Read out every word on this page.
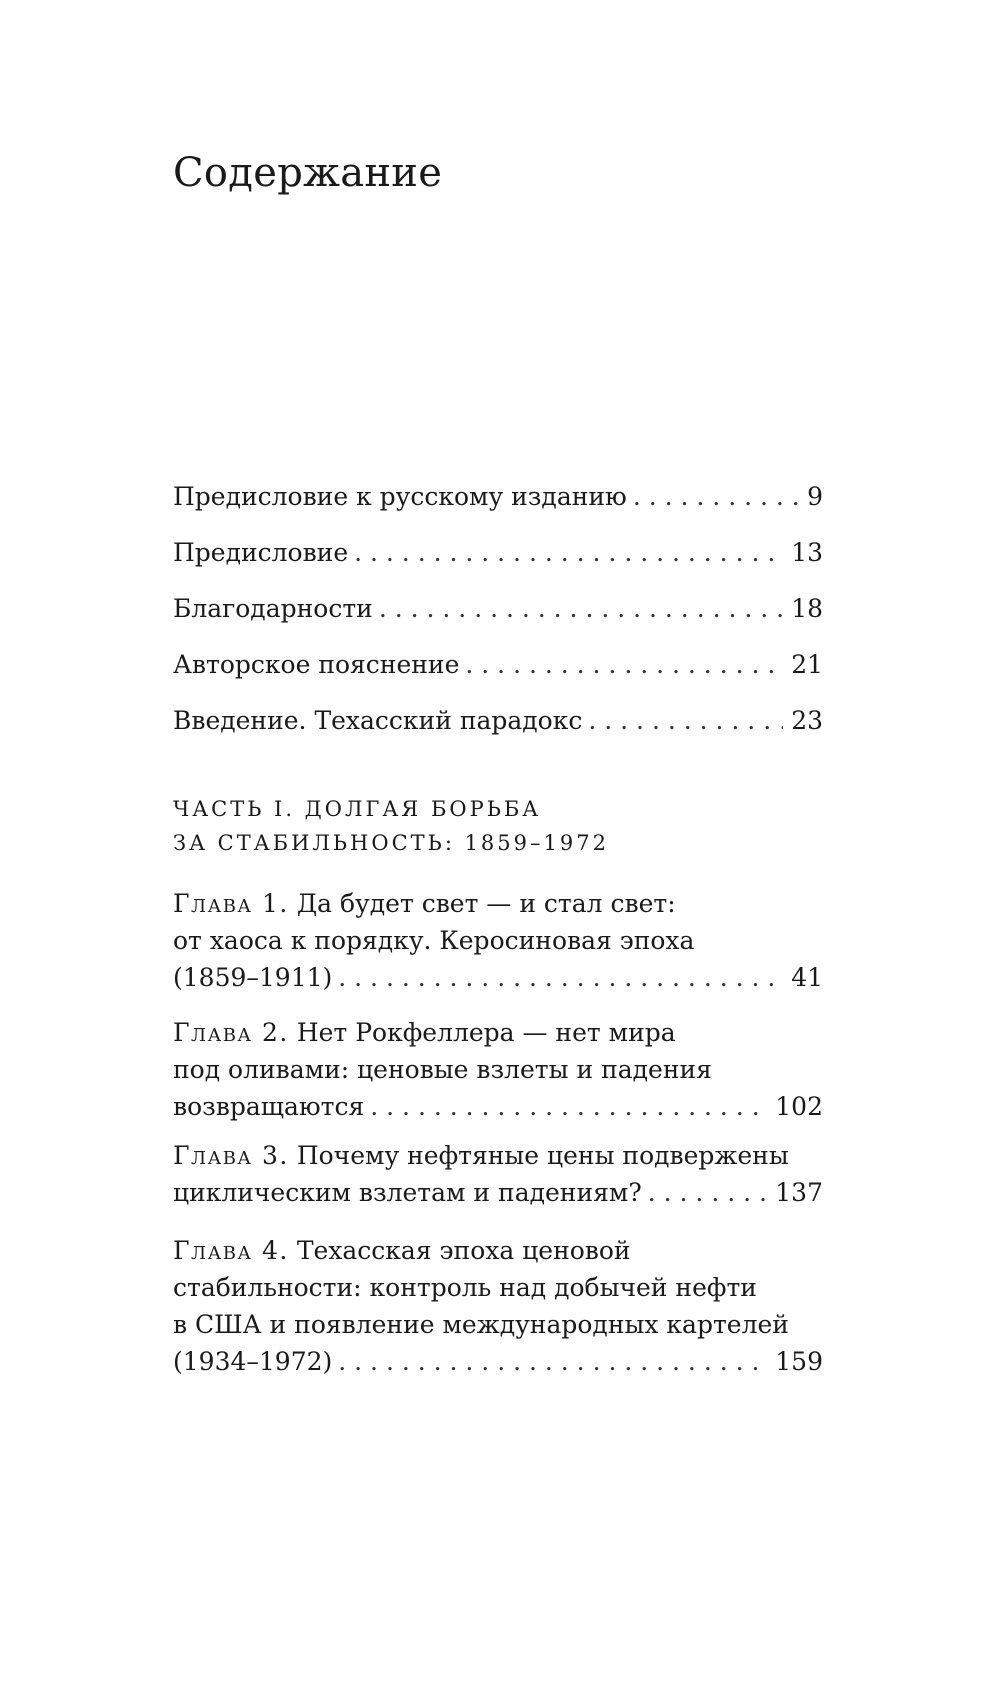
Содержание
Предисловие к русскому изданию . . .	9
Предисловие . . .	13
Благодарности . . .	18
Авторское пояснение . . .	21
Введение. Техасский парадокс . . .	23
ЧАСТЬ I. ДОЛГАЯ БОРЬБА
ЗА СТАБИЛЬНОСТЬ: 1859–1972
Глава 1. Да будет свет — и стал свет:
от хаоса к порядку. Керосиновая эпоха
(1859–1911) . . .	41
Глава 2. Нет Рокфеллера — нет мира
под оливами: ценовые взлеты и падения
возвращаются . . .	102
Глава 3. Почему нефтяные цены подвержены
циклическим взлетам и падениям? . . .	137
Глава 4. Техасская эпоха ценовой
стабильности: контроль над добычей нефти
в США и появление международных картелей
(1934–1972) . . .	159
